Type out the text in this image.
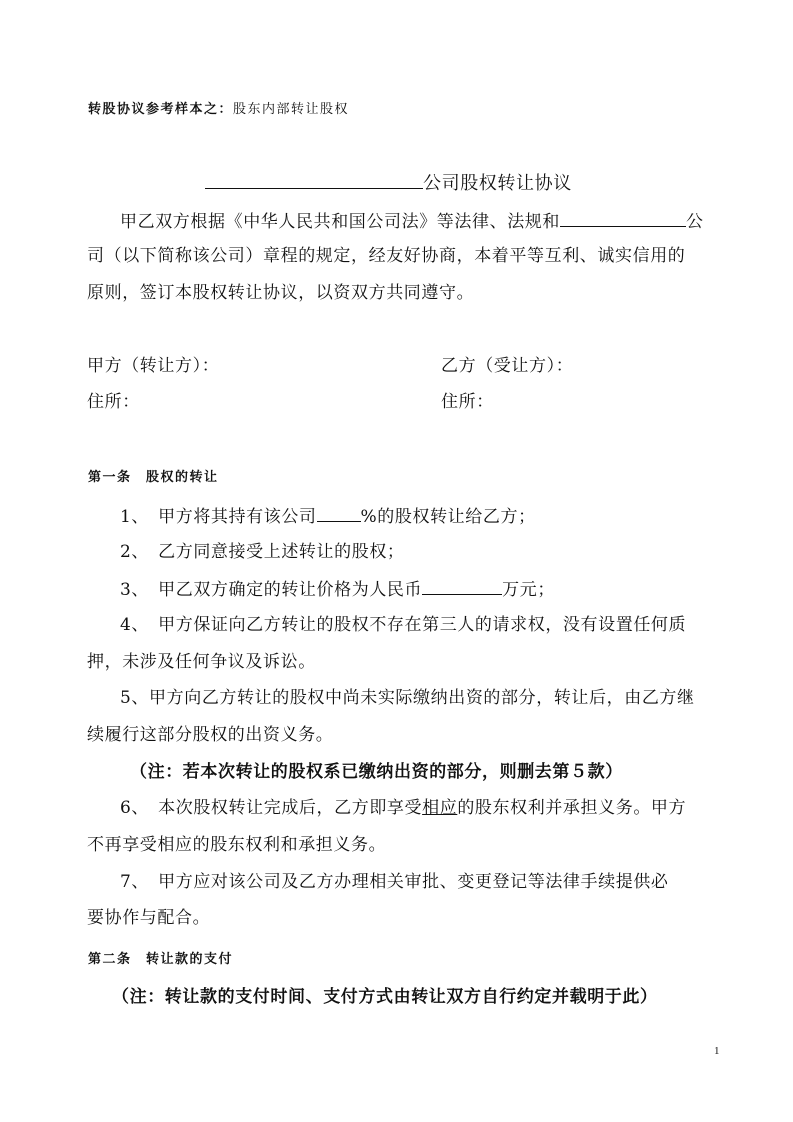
转股协议参考样本之：股东内部转让股权
公司股权转让协议
甲乙双方根据《中华人民共和国公司法》等法律、法规和	公
司（以下简称该公司）章程的规定，经友好协商，本着平等互利、诚实信用的
原则，签订本股权转让协议，以资双方共同遵守。
甲方（转让方）：	乙方（受让方）：
住所：	住所：
第一条　股权的转让
1、　甲方将其持有该公司	%的股权转让给乙方；
2、　乙方同意接受上述转让的股权；
3、　甲乙双方确定的转让价格为人民币	万元；
4、　甲方保证向乙方转让的股权不存在第三人的请求权，没有设置任何质
押，未涉及任何争议及诉讼。
5、甲方向乙方转让的股权中尚未实际缴纳出资的部分，转让后，由乙方继
续履行这部分股权的出资义务。
（注：若本次转让的股权系已缴纳出资的部分，则删去第５款）
6、　本次股权转让完成后，乙方即享受相应的股东权利并承担义务。甲方
不再享受相应的股东权利和承担义务。
7、　甲方应对该公司及乙方办理相关审批、变更登记等法律手续提供必
要协作与配合。
第二条　转让款的支付
（注：转让款的支付时间、支付方式由转让双方自行约定并载明于此）
1
